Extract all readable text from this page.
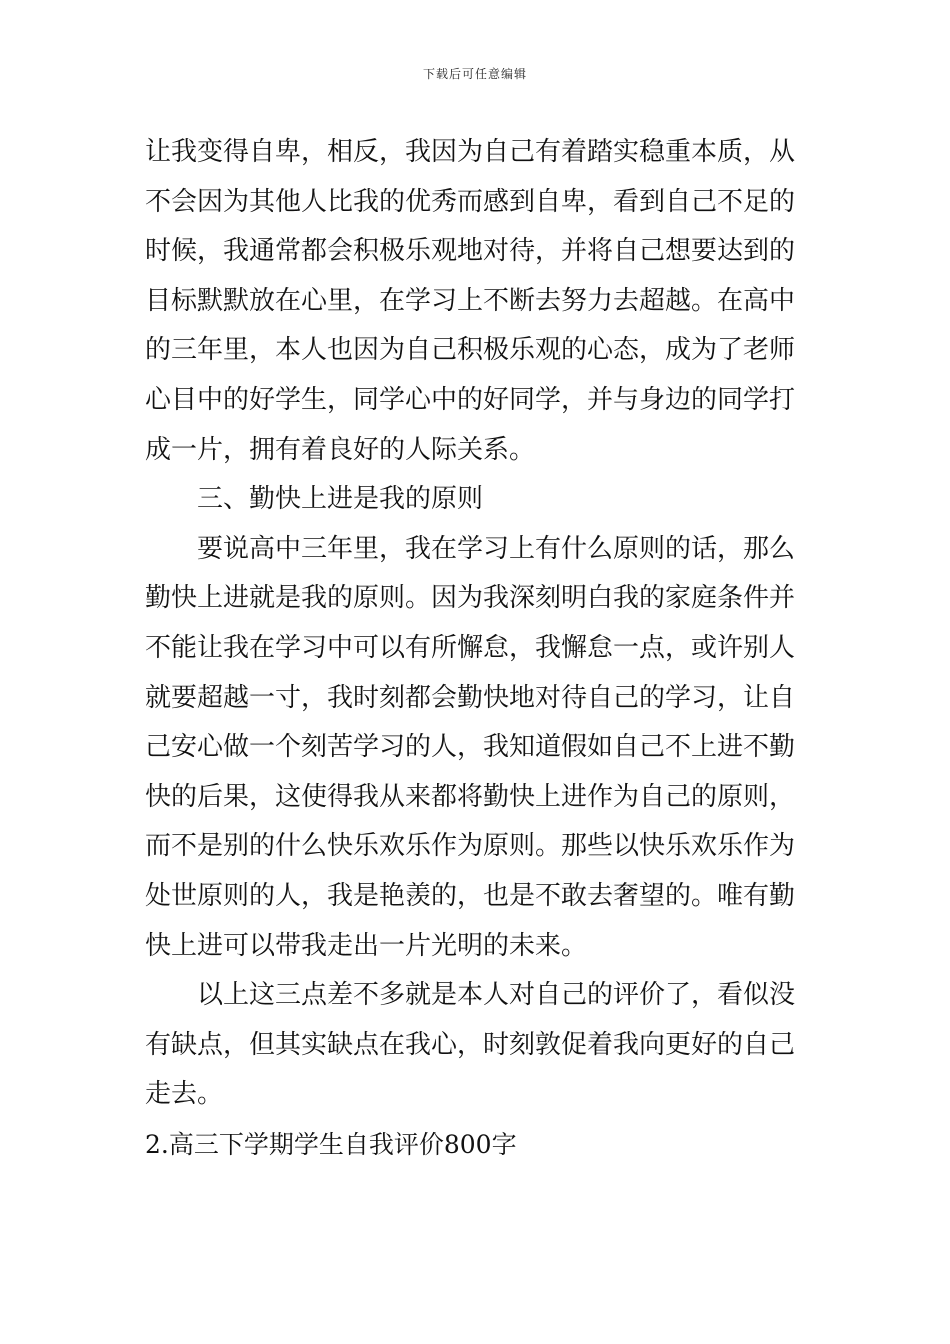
下载后可任意编辑
让我变得自卑，相反，我因为自己有着踏实稳重本质，从
不会因为其他人比我的优秀而感到自卑，看到自己不足的
时候，我通常都会积极乐观地对待，并将自己想要达到的
目标默默放在心里，在学习上不断去努力去超越。在高中
的三年里，本人也因为自己积极乐观的心态，成为了老师
心目中的好学生，同学心中的好同学，并与身边的同学打
成一片，拥有着良好的人际关系。
三、勤快上进是我的原则
要说高中三年里，我在学习上有什么原则的话，那么
勤快上进就是我的原则。因为我深刻明白我的家庭条件并
不能让我在学习中可以有所懈怠，我懈怠一点，或许别人
就要超越一寸，我时刻都会勤快地对待自己的学习，让自
己安心做一个刻苦学习的人，我知道假如自己不上进不勤
快的后果，这使得我从来都将勤快上进作为自己的原则，
而不是别的什么快乐欢乐作为原则。那些以快乐欢乐作为
处世原则的人，我是艳羡的，也是不敢去奢望的。唯有勤
快上进可以带我走出一片光明的未来。
以上这三点差不多就是本人对自己的评价了，看似没
有缺点，但其实缺点在我心，时刻敦促着我向更好的自己
走去。
2.高三下学期学生自我评价800字
